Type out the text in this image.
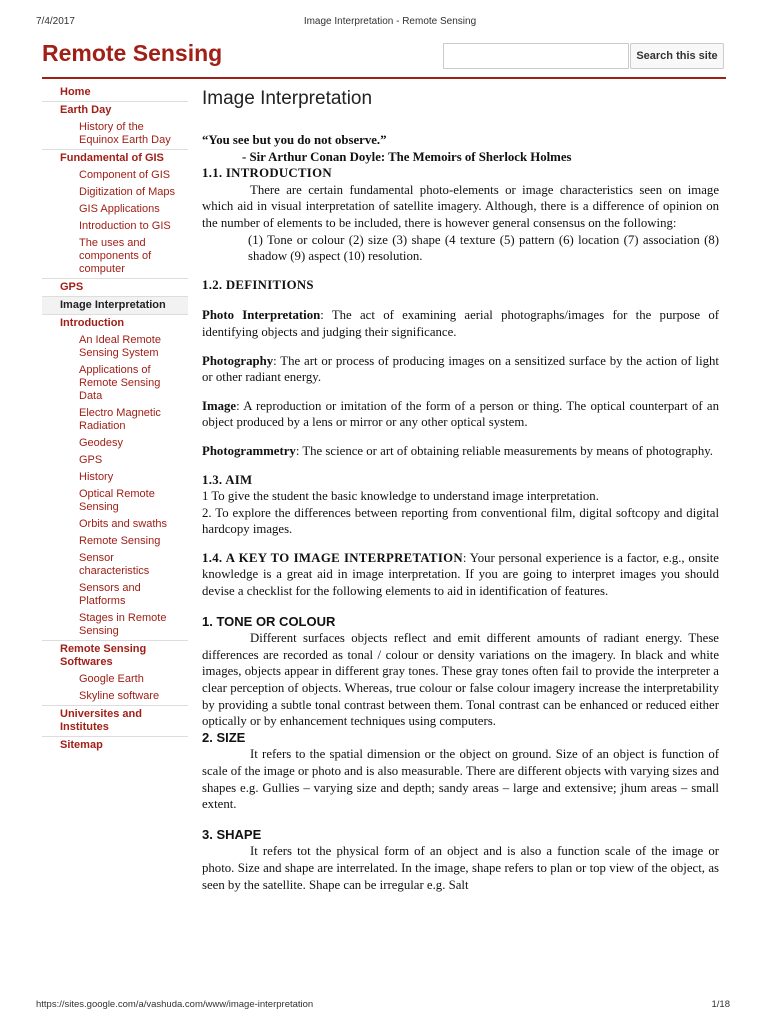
7/4/2017	Image Interpretation - Remote Sensing
Remote Sensing	Search this site
Home
Earth Day
History of the Equinox Earth Day
Fundamental of GIS
Component of GIS
Digitization of Maps
GIS Applications
Introduction to GIS
The uses and components of computer
GPS
Image Interpretation
Introduction
An Ideal Remote Sensing System
Applications of Remote Sensing Data
Electro Magnetic Radiation
Geodesy
GPS
History
Optical Remote Sensing
Orbits and swaths
Remote Sensing
Sensor characteristics
Sensors and Platforms
Stages in Remote Sensing
Remote Sensing Softwares
Google Earth
Skyline software
Universites and Institutes
Sitemap
Image Interpretation

“You see but you do not observe.”

- Sir Arthur Conan Doyle: The Memoirs of Sherlock Holmes

1.1. INTRODUCTION

There are certain fundamental photo-elements or image characteristics seen on image which aid in visual interpretation of satellite imagery. Although, there is a difference of opinion on the number of elements to be included, there is however general consensus on the following:

(1) Tone or colour (2) size (3) shape (4 texture (5) pattern (6) location (7) association (8) shadow (9) aspect (10) resolution.

1.2. DEFINITIONS

Photo Interpretation: The act of examining aerial photographs/images for the purpose of identifying objects and judging their significance.

Photography: The art or process of producing images on a sensitized surface by the action of light or other radiant energy.

Image: A reproduction or imitation of the form of a person or thing. The optical counterpart of an object produced by a lens or mirror or any other optical system.

Photogrammetry: The science or art of obtaining reliable measurements by means of photography.

1.3. AIM

1 To give the student the basic knowledge to understand image interpretation.

2. To explore the differences between reporting from conventional film, digital softcopy and digital hardcopy images.

1.4. A KEY TO IMAGE INTERPRETATION: Your personal experience is a factor, e.g., onsite knowledge is a great aid in image interpretation. If you are going to interpret images you should devise a checklist for the following elements to aid in identification of features.

1. TONE OR COLOUR

Different surfaces objects reflect and emit different amounts of radiant energy. These differences are recorded as tonal / colour or density variations on the imagery. In black and white images, objects appear in different gray tones. These gray tones often fail to provide the interpreter a clear perception of objects. Whereas, true colour or false colour imagery increase the interpretability by providing a subtle tonal contrast between them. Tonal contrast can be enhanced or reduced either optically or by enhancement techniques using computers.

2. SIZE

It refers to the spatial dimension or the object on ground. Size of an object is function of scale of the image or photo and is also measurable. There are different objects with varying sizes and shapes e.g. Gullies – varying size and depth; sandy areas – large and extensive; jhum areas – small extent.

3. SHAPE

It refers tot the physical form of an object and is also a function scale of the image or photo. Size and shape are interrelated. In the image, shape refers to plan or top view of the object, as seen by the satellite. Shape can be irregular e.g. Salt

https://sites.google.com/a/vashuda.com/www/image-interpretation	1/18
